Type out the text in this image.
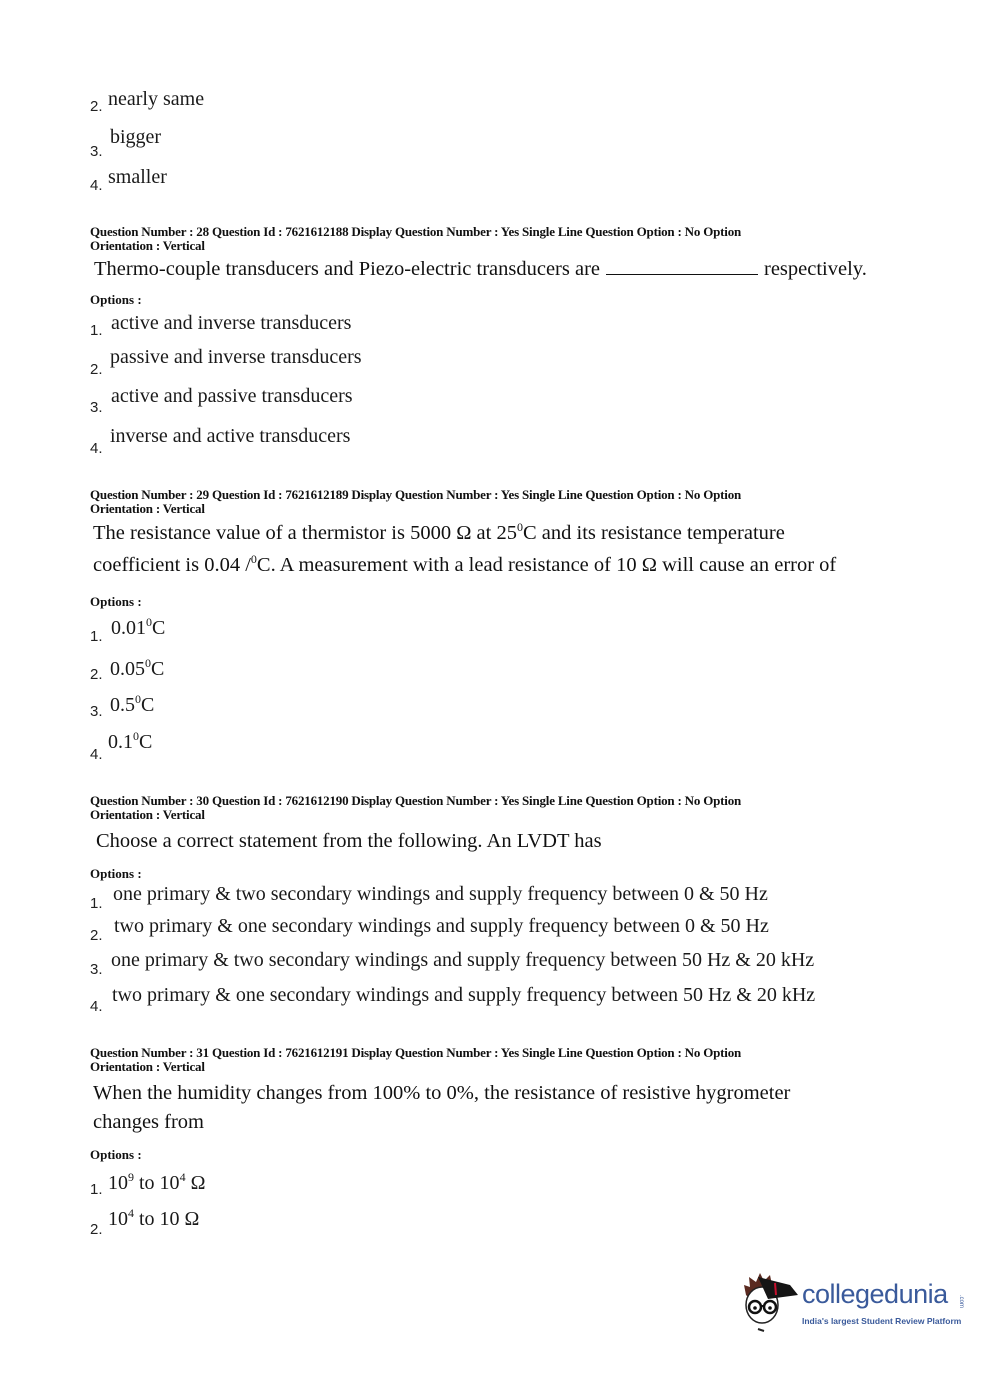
2. nearly same
3.
bigger
4. smaller
Question Number : 28 Question Id : 7621612188 Display Question Number : Yes Single Line Question Option : No Option
Orientation : Vertical
Thermo-couple transducers and Piezo-electric transducers are	respectively.
Options :
1. active and inverse transducers
2.
passive and inverse transducers
3.
active and passive transducers
4.
inverse and active transducers
Question Number : 29 Question Id : 7621612189 Display Question Number : Yes Single Line Question Option : No Option
Orientation : Vertical
The resistance value of a thermistor is 5000 Ω at $25^0C$ and its resistance temperature
coefficient is 0.04 /$^0$C. A measurement with a lead resistance of 10 Ω will cause an error of
Options :
1. 0.01$^0$C
2. 0.05$^0$C
3. $0.5^0C$
4.
$0.1^0C$
Question Number : 30 Question Id : 7621612190 Display Question Number : Yes Single Line Question Option : No Option
Orientation : Vertical
Choose a correct statement from the following. An LVDT has
Options :
1. one primary & two secondary windings and supply frequency between 0 & 50 Hz
2. two primary & one secondary windings and supply frequency between 0 & 50 Hz
3. one primary & two secondary windings and supply frequency between 50 Hz & 20 kHz
4.
two primary & one secondary windings and supply frequency between 50 Hz & 20 kHz
Question Number : 31 Question Id : 7621612191 Display Question Number : Yes Single Line Question Option : No Option
Orientation : Vertical
When the humidity changes from 100% to 0%, the resistance of resistive hygrometer
changes from
Options :
1. $10^9$ to $10^4$ Ω
2. $10^4$ to 10 Ω
collegedunia .com
India's largest Student Review Platform
